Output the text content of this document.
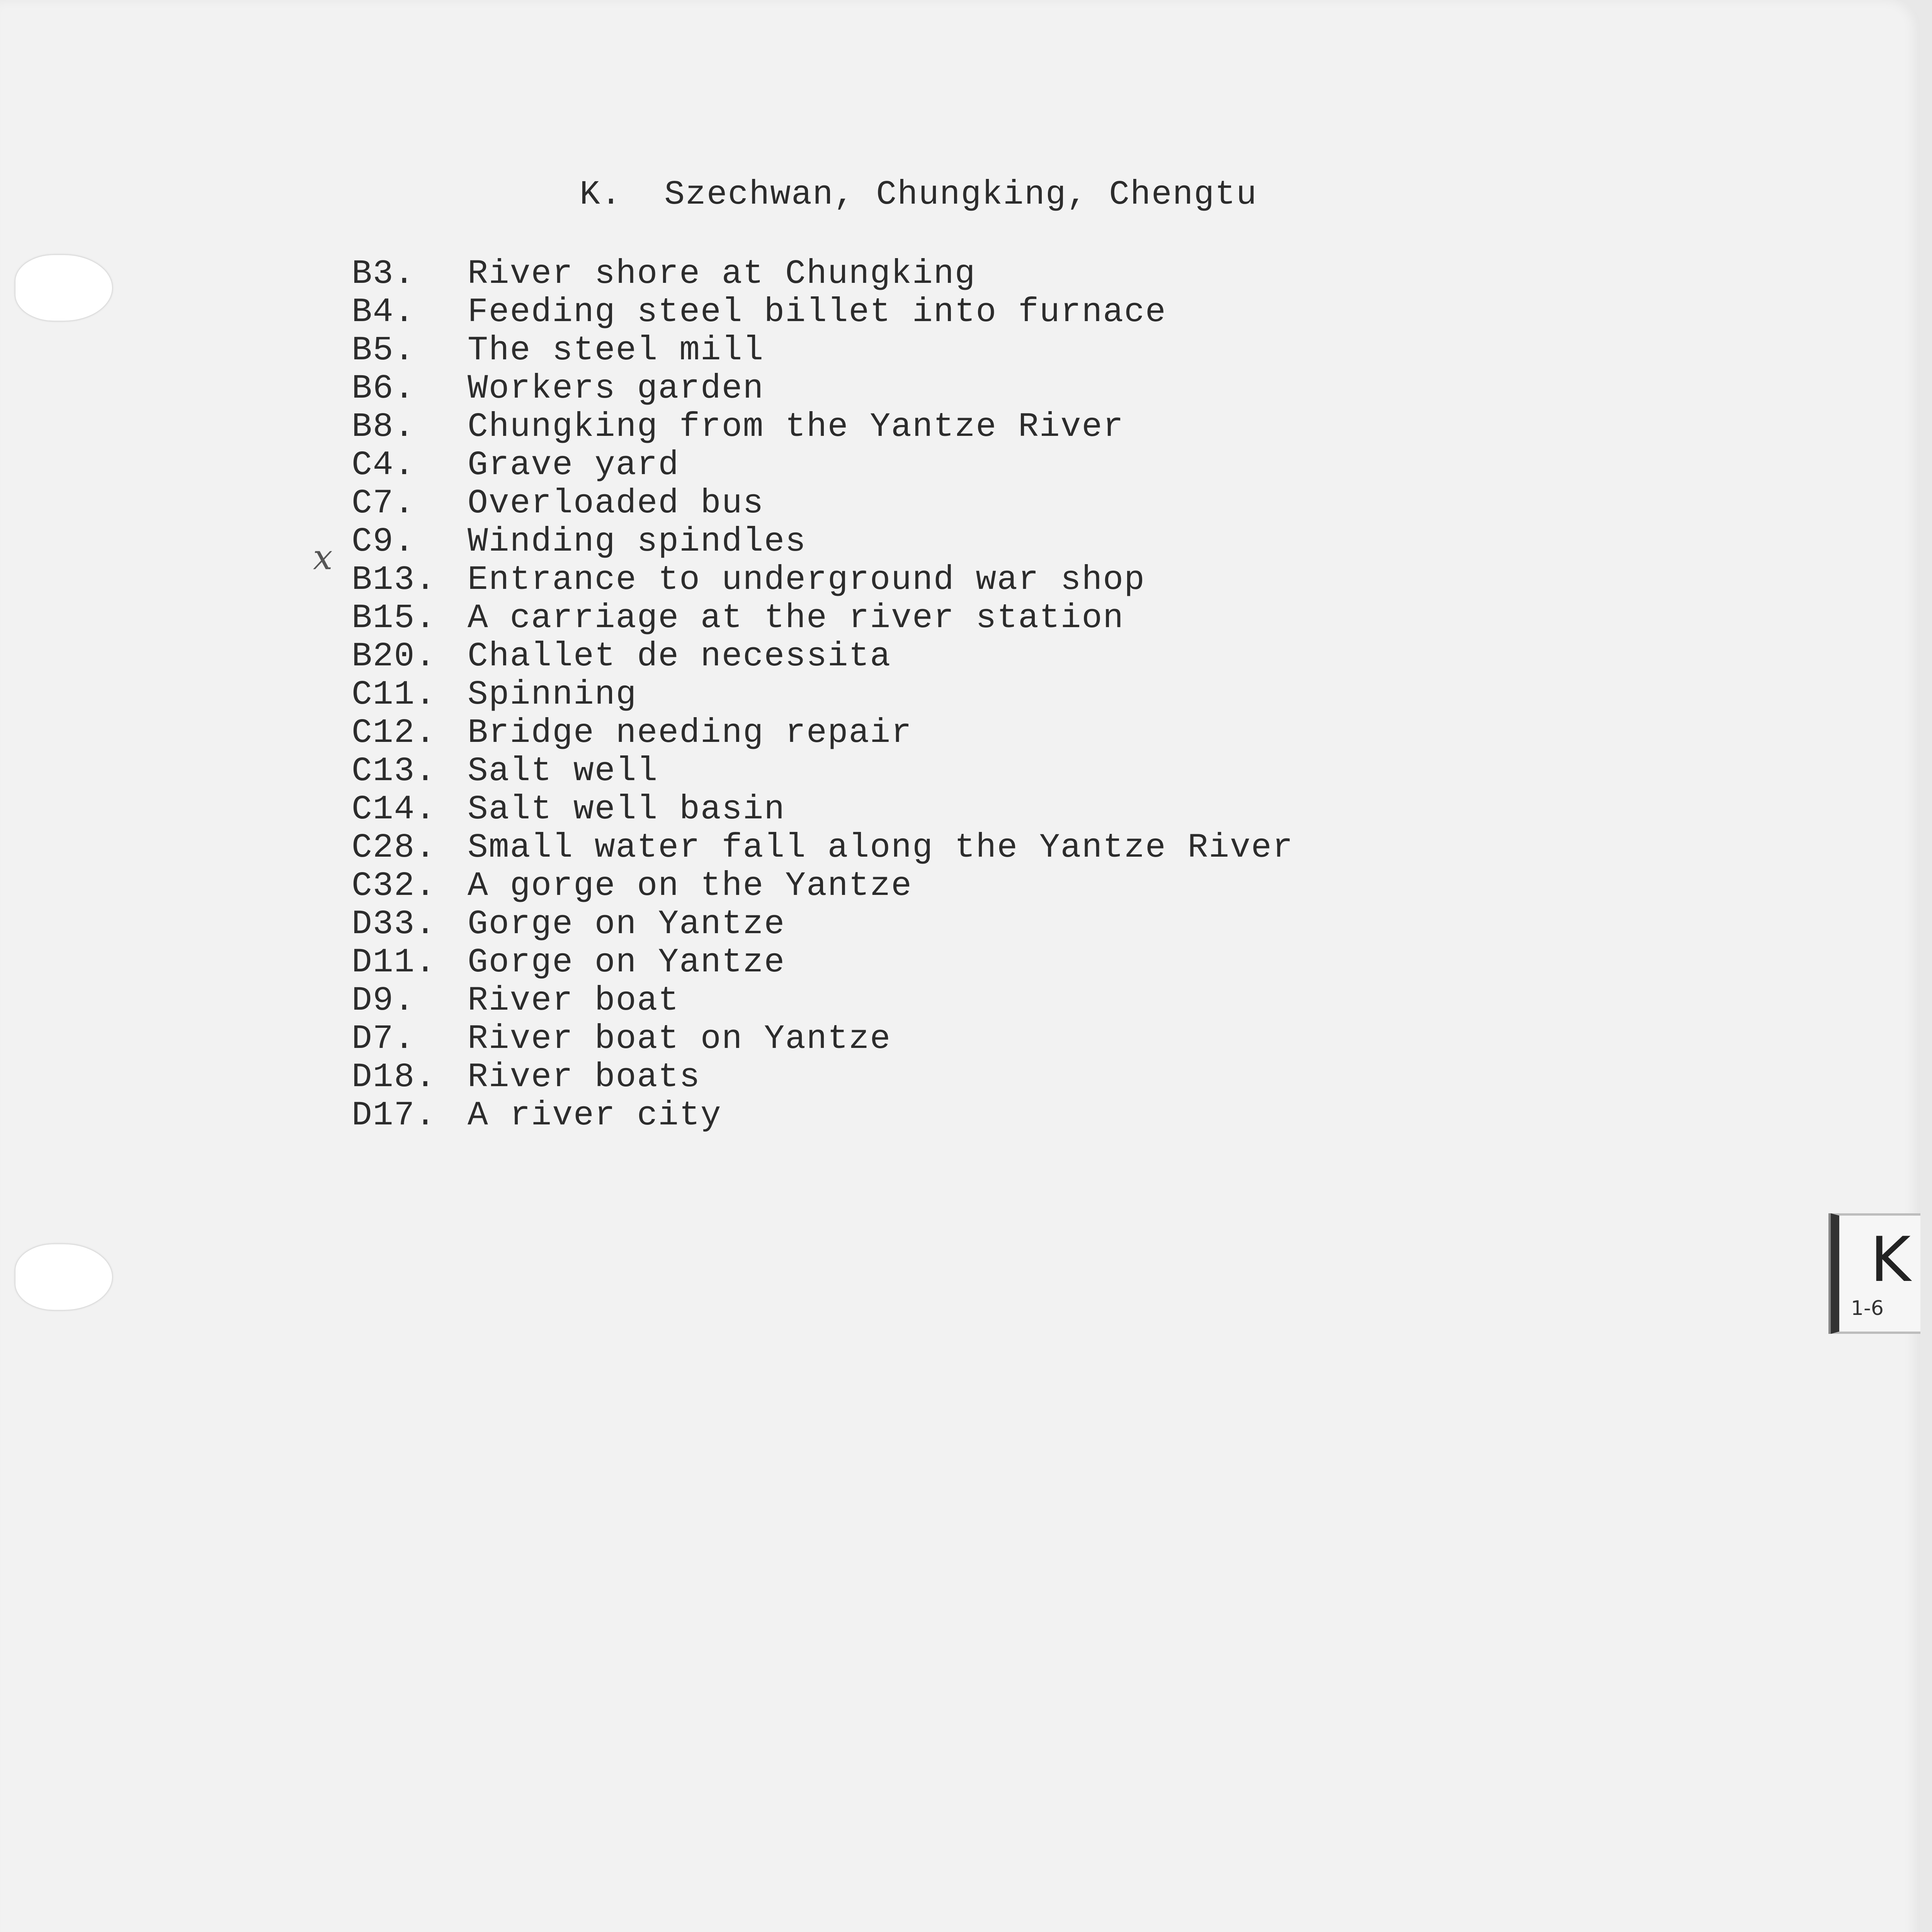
K.  Szechwan, Chungking, Chengtu
x
B3.	River shore at Chungking
B4.	Feeding steel billet into furnace
B5.	The steel mill
B6.	Workers garden
B8.	Chungking from the Yantze River
C4.	Grave yard
C7.	Overloaded bus
C9.	Winding spindles
B13. Entrance to underground war shop
B15. A carriage at the river station
B20. Challet de necessita
C11. Spinning
C12. Bridge needing repair
C13. Salt well
C14. Salt well basin
C28. Small water fall along the Yantze River
C32. A gorge on the Yantze
D33. Gorge on Yantze
D11. Gorge on Yantze
D9.	River boat
D7.	River boat on Yantze
D18. River boats
D17. A river city
K
1-6
